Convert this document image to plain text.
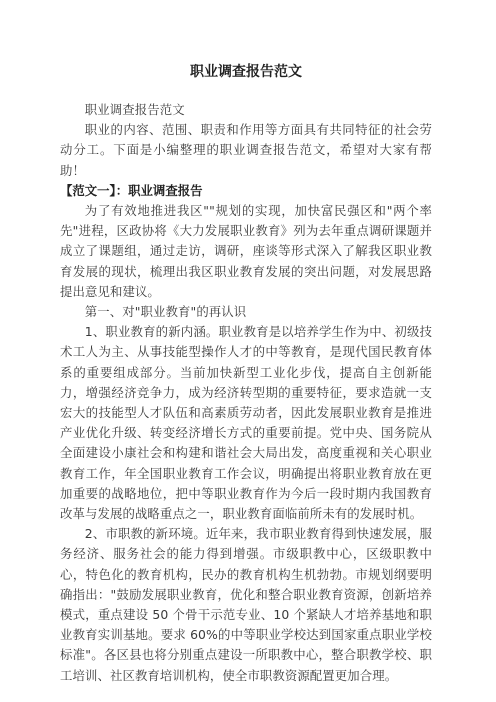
职业调查报告范文

职业调查报告范文

职业的内容、范围、职责和作用等方面具有共同特征的社会劳动分工。下面是小编整理的职业调查报告范文，希望对大家有帮助！

【范文一】：职业调查报告

为了有效地推进我区""规划的实现，加快富民强区和"两个率先"进程，区政协将《大力发展职业教育》列为去年重点调研课题并成立了课题组，通过走访，调研，座谈等形式深入了解我区职业教育发展的现状，梳理出我区职业教育发展的突出问题，对发展思路提出意见和建议。

第一、对"职业教育"的再认识

1、职业教育的新内涵。职业教育是以培养学生作为中、初级技术工人为主、从事技能型操作人才的中等教育，是现代国民教育体系的重要组成部分。当前加快新型工业化步伐，提高自主创新能力，增强经济竞争力，成为经济转型期的重要特征，要求造就一支宏大的技能型人才队伍和高素质劳动者，因此发展职业教育是推进产业优化升级、转变经济增长方式的重要前提。党中央、国务院从全面建设小康社会和构建和谐社会大局出发，高度重视和关心职业教育工作，年全国职业教育工作会议，明确提出将职业教育放在更加重要的战略地位，把中等职业教育作为今后一段时期内我国教育改革与发展的战略重点之一，职业教育面临前所未有的发展时机。

2、市职教的新环境。近年来，我市职业教育得到快速发展，服务经济、服务社会的能力得到增强。市级职教中心，区级职教中心，特色化的教育机构，民办的教育机构生机勃勃。市规划纲要明确指出："鼓励发展职业教育，优化和整合职业教育资源，创新培养模式，重点建设 50 个骨干示范专业、10 个紧缺人才培养基地和职业教育实训基地。要求 60%的中等职业学校达到国家重点职业学校标准"。各区县也将分别重点建设一所职教中心，整合职教学校、职工培训、社区教育培训机构，使全市职教资源配置更加合理。
